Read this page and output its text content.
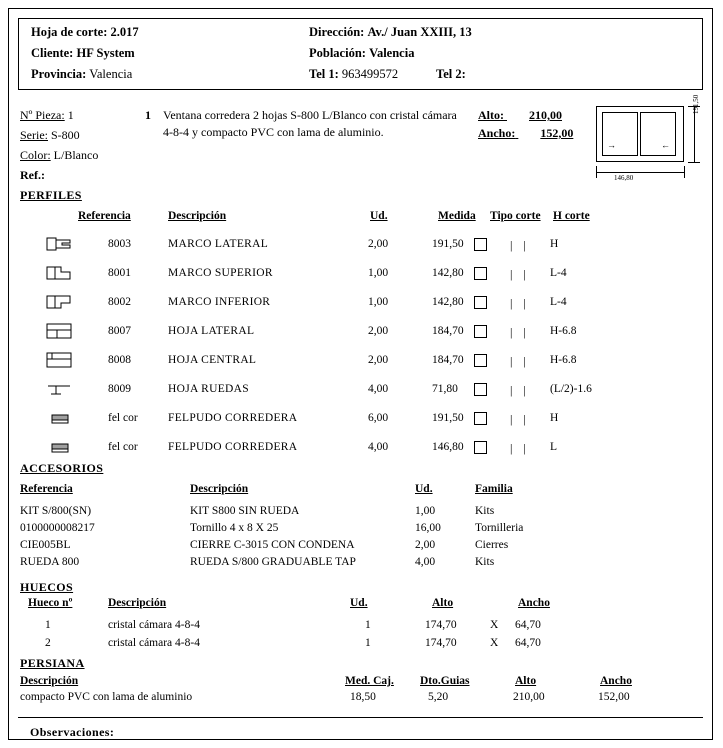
Hoja de corte: 2.017
Cliente: HF System
Provincia: Valencia
Dirección: Av./ Juan XXIII, 13
Población: Valencia
Tel 1: 963499572	Tel 2:
Nº Pieza: 1
Serie: S-800
Color: L/Blanco
Ref.:
1 Ventana corredera 2 hojas S-800 L/Blanco con cristal cámara 4-8-4 y compacto PVC con lama de aluminio.
Alto: 210,00
Ancho: 152,00
→	←
191,50
146,80
PERFILES
Referencia	Descripción	Ud.	Medida Tipo corte H corte
8003	MARCO LATERAL	2,00	191,50	| | H
8001	MARCO SUPERIOR	1,00	142,80	| | L-4
8002	MARCO INFERIOR	1,00	142,80	| | L-4
8007	HOJA LATERAL	2,00	184,70	| | H-6.8
8008	HOJA CENTRAL	2,00	184,70	| | H-6.8
8009	HOJA RUEDAS	4,00	71,80	| | (L/2)-1.6
fel cor	FELPUDO CORREDERA	6,00	191,50	| | H
fel cor	FELPUDO CORREDERA	4,00	146,80	| | L
ACCESORIOS
Referencia	Descripción	Ud.	Familia
KIT S/800(SN)	KIT S800 SIN RUEDA	1,00	Kits
0100000008217	Tornillo 4 x 8 X 25	16,00	Tornilleria
CIE005BL	CIERRE C-3015 CON CONDENA	2,00	Cierres
RUEDA 800	RUEDA S/800 GRADUABLE TAP	4,00	Kits
HUECOS
Hueco nº	Descripción	Ud.	Alto	Ancho
1	cristal cámara 4-8-4	1	174,70	X 64,70
2	cristal cámara 4-8-4	1	174,70	X 64,70
PERSIANA
Descripción	Med. Caj. Dto.Guias	Alto	Ancho
compacto PVC con lama de aluminio	18,50	5,20	210,00	152,00
Observaciones:
